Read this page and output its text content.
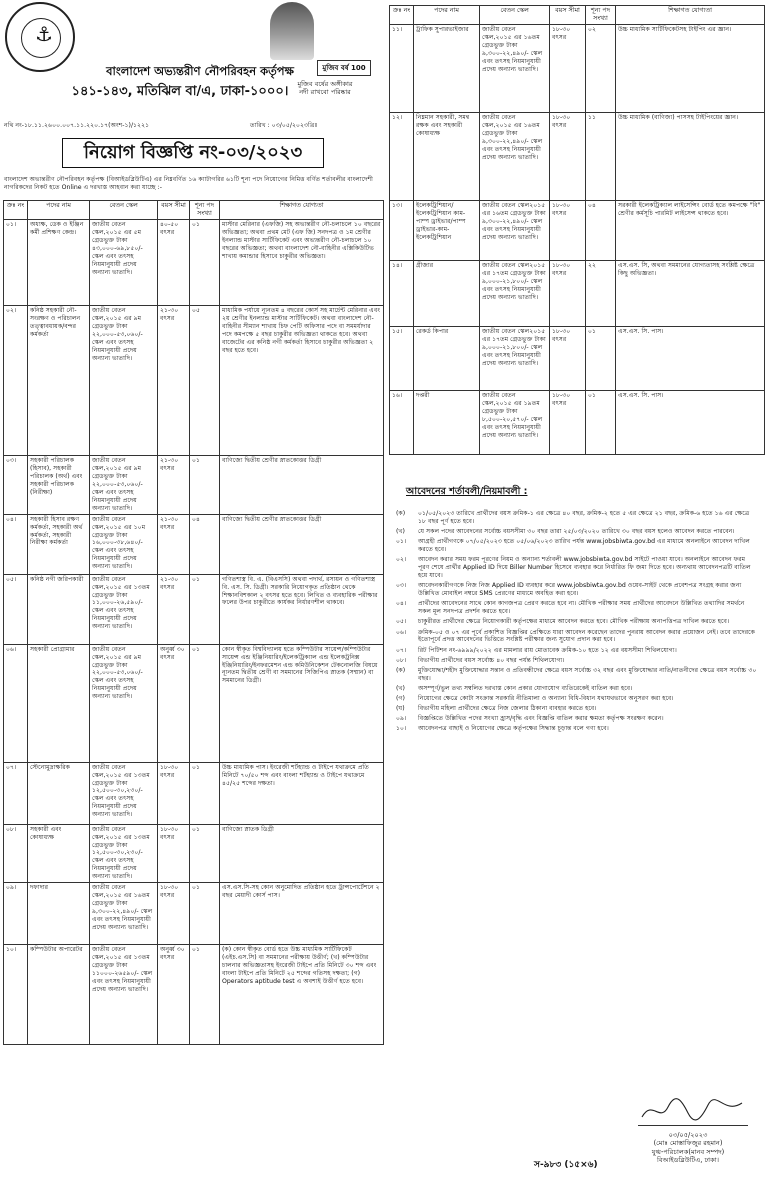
⚓
মুজিব বর্ষ 100
মুজিব বর্ষের অঙ্গীকার
নদী রাখবো পরিষ্কার
বাংলাদেশ অভ্যন্তরীণ নৌপরিবহন কর্তৃপক্ষ
১৪১-১৪৩, মতিঝিল বা/এ, ঢাকা-১০০০।
নথি নং-১৮.১১.২৬০০.০০৭.১১.২২০.১৭(অংশ-১)/১২২১	তারিখ : ০৩/০৫/২০২৩খ্রিঃ
নিয়োগ বিজ্ঞপ্তি নং-০৩/২০২৩
বাংলাদেশ অভ্যন্তরীণ নৌপরিবহন কর্তৃপক্ষ (বিআইডব্লিউটিএ) এর নিম্নবর্ণিত ১৬ ক্যাটাগরির ৬১টি শূন্য পদে নিয়োগের নিমিত্ত বর্ণিত শর্তাবলীর বাংলাদেশী নাগরিকদের নিকট হতে Online এ দরখাস্ত আহবান করা যাচ্ছে :-
ক্রঃ নং	পদের নাম	বেতন স্কেল	বয়স সীমা	শূন্য পদ সংখ্যা	শিক্ষাগত যোগ্যতা
০১।	অধ্যক্ষ, ডেক ও ইঞ্জিন কর্মী প্রশিক্ষণ কেন্দ্র।	জাতীয় বেতন স্কেল,২০১৫ এর ৫ম গ্রেডভুক্ত টাকা ৪৩,০০০-৬৯,৮৫০/- স্কেল এবং তৎসহ নিয়মানুযায়ী প্রদেয় অন্যান্য ভাতাদি।	৪০-৫০ বৎসর	০১	মাস্টার মেরিনার (এফজি) সহ অভ্যন্তরীণ নৌ-চলাচলে ১০ বছরের অভিজ্ঞতা; অথবা প্রথম মেট (এফ জি) সনদপত্র ও ১ম শ্রেণীর ইনল্যান্ড মাস্টার সার্টিফিকেট এবং অভ্যন্তরীণ নৌ-চলাচলে ১০ বছরের অভিজ্ঞতা; অথবা বাংলাদেশ নৌ-বাহিনীর এক্সিকিউটিভ শাখায় কমান্ডার হিসাবে চাকুরীর অভিজ্ঞতা।
০২।	কনিষ্ঠ সহকারী নৌ-সংরক্ষণ ও পরিচালন তত্ত্বাবধায়ক/বন্দর কর্মকর্তা	জাতীয় বেতন স্কেল,২০১৫ এর ৯ম গ্রেডভুক্ত টাকা ২২,০০০-৫৩,০৬০/- স্কেল এবং তৎসহ নিয়মানুযায়ী প্রদেয় অন্যান্য ভাতাদি।	২১-৩০ বৎসর	০৫	মাধ্যমিক পর্যায়ে ন্যূনতম ৪ বছরের কোর্স সহ মার্চেন্ট মেরিনার এবং ২য় শ্রেণীর ইনল্যান্ড মাস্টার সার্টিফিকেট। অথবা বাংলাদেশ নৌ-বাহিনীর সীম্যান শাখায় চিফ পেটি অফিসার পদে বা সমমর্যাদার পদে কমপক্ষে ৫ বছর চাকুরীর অভিজ্ঞতা থাকতে হবে। অথবা বাজেটের এর কনিষ্ঠ নগী কর্মকর্তা হিসাবে চাকুরীর অভিজ্ঞতা ২ বছর হতে হবে।
০৩।	সহকারী পরিচালক (হিসাব), সহকারী পরিচালক (অর্থ) এবং সহকারী পরিচালক (নিরীক্ষা)	জাতীয় বেতন স্কেল,২০১৫ এর ৯ম গ্রেডভুক্ত টাকা ২২,০০০-৫৩,০৬০/- স্কেল এবং তৎসহ নিয়মানুযায়ী প্রদেয় অন্যান্য ভাতাদি।	২১-৩০ বৎসর	০১	বাণিজ্যে দ্বিতীয় শ্রেণীর স্নাতকোত্তর ডিগ্রী
০৪।	সহকারী হিসাব রক্ষণ কর্মকর্তা, সহকারী অর্থ কর্মকর্তা, সহকারী নিরীক্ষা কর্মকর্তা	জাতীয় বেতন স্কেল,২০১৫ এর ১০ম গ্রেডভুক্ত টাকা ১৬,০০০-৩৮,৬৪০/- স্কেল এবং তৎসহ নিয়মানুযায়ী প্রদেয় অন্যান্য ভাতাদি।	২১-৩০ বৎসর	০৪	বাণিজ্যে দ্বিতীয় শ্রেণীর স্নাতকোত্তর ডিগ্রী
০৫।	কনিষ্ঠ নগী জরিপকারী	জাতীয় বেতন স্কেল,২০১৫ এর ১৩তম গ্রেডভুক্ত টাকা ১১,০০০-২৬,৫৯০/- স্কেল এবং তৎসহ নিয়মানুযায়ী প্রদেয় অন্যান্য ভাতাদি।	২১-৩০ বৎসর	০১	গণিতশাস্ত্র বি. এ. (বিএসসি) অথবা পদার্থ, রসায়ন ও গণিতশাস্ত্র বি. এস. সি. ডিগ্রী। সরকারি নিয়োগকৃত প্রতিষ্ঠান থেকে শিক্ষানবিশকাল ২ বৎসর হতে হবে। লিখিত ও ব্যবহারিক পরীক্ষার ফলের উপর চাকুরীতে কার্যকর নির্ধারণশীল থাকবে।
০৬।	সহকারী প্রোগ্রামার	জাতীয় বেতন স্কেল,২০১৫ এর ৯ম গ্রেডভুক্ত টাকা ২২,০০০-৫৩,০৬০/- স্কেল এবং তৎসহ নিয়মানুযায়ী প্রদেয় অন্যান্য ভাতাদি।	অনুর্ধ্ব ৩০ বৎসর	০১	কোন স্বীকৃত বিশ্ববিদ্যালয় হতে কম্পিউটার সায়েন্স/কম্পিউটার সায়েন্স এন্ড ইঞ্জিনিয়ারিং/ইলেকট্রিক্যাল এন্ড ইলেকট্রনিক্স ইঞ্জিনিয়ারিং/ইনফরমেশন এন্ড কমিউনিকেশন টেকনোলজি বিষয়ে ন্যূনতম দ্বিতীয় শ্রেণী বা সমমানের সিজিপিএ স্নাতক (সম্মান) বা সমমানের ডিগ্রী।
০৭।	স্টেনোমুদ্রাক্ষরিক	জাতীয় বেতন স্কেল,২০১৫ এর ১৩তম গ্রেডভুক্ত টাকা ১২,৫০০-৩০,২৩০/- স্কেল এবং তৎসহ নিয়মানুযায়ী প্রদেয় অন্যান্য ভাতাদি।	১৮-৩০ বৎসর	০১	উচ্চ মাধ্যমিক পাস। ইংরেজী শর্টহ্যান্ড ও টাইপে যথাক্রমে প্রতি মিনিটে ৭০/৫০ শব্দ এবং বাংলা শর্টহ্যান্ড ও টাইপে যথাক্রমে ৪৫/২৫ শব্দের দক্ষতা।
০৮।	সহকারী এবং কোষাধ্যক্ষ	জাতীয় বেতন স্কেল,২০১৫ এর ১৩তম গ্রেডভুক্ত টাকা ১২,৫০০-৩০,২৩০/- স্কেল এবং তৎসহ নিয়মানুযায়ী প্রদেয় অন্যান্য ভাতাদি।	১৮-৩০ বৎসর	০১	বাণিজ্যে স্নাতক ডিগ্রী
০৯।	দফাদার	জাতীয় বেতন স্কেল,২০১৫ এর ১৬তম গ্রেডভুক্ত টাকা ৯,৩০০-২২,৪৯০/- স্কেল এবং তৎসহ নিয়মানুযায়ী প্রদেয় অন্যান্য ভাতাদি।	১৮-৩০ বৎসর	০১	এস.এস.সি-সহ কোন অনুমোদিত প্রতিষ্ঠান হতে ট্রান্সপোর্টেশনে ২ বছর মেয়াদী কোর্স পাস।
১০।	কম্পিউটার অপারেটর	জাতীয় বেতন স্কেল,২০১৫ এর ১৩তম গ্রেডভুক্ত টাকা ১১০০০-২৬৫৯০/- স্কেল এবং তৎসহ নিয়মানুযায়ী প্রদেয় অন্যান্য ভাতাদি।	অনুর্ধ্ব ৩০ বৎসর	০১	(ক) কোন স্বীকৃত বোর্ড হতে উচ্চ মাধ্যমিক সার্টিফিকেট (এইচ.এস.সি) বা সমমানের পরীক্ষায় উত্তীর্ণ; (খ) কম্পিউটার চালনার অভিজ্ঞতাসহ ইংরেজী টাইপে প্রতি মিনিটে ৩০ শব্দ এবং বাংলা টাইপে প্রতি মিনিটে ২৫ শব্দের গতিসহ দক্ষতা; (গ) Operators aptitude test এ অবশ্যই উত্তীর্ণ হতে হবে।
ক্রঃ নং	পদের নাম	বেতন স্কেল	বয়স সীমা	শূন্য পদ সংখ্যা	শিক্ষাগত যোগ্যতা
১১।	ট্রাফিক সুপারভাইজার	জাতীয় বেতন স্কেল,২০১৫ এর ১৬তম গ্রেডভুক্ত টাকা ৯,৩০০-২২,৪৯০/- স্কেল এবং তৎসহ নিয়মানুযায়ী প্রদেয় অন্যান্য ভাতাদি।	১৮-৩০ বৎসর	০২	উচ্চ মাধ্যমিক সার্টিফিকেটসহ টাইপিং এর জ্ঞান।
১২।	নিম্নমান সহকারী, সমন্ব রক্ষক এবং সহকারী কোষাধ্যক্ষ	জাতীয় বেতন স্কেল,২০১৫ এর ১৬তম গ্রেডভুক্ত টাকা ৯,৩০০-২২,৪৯০/- স্কেল এবং তৎসহ নিয়মানুযায়ী প্রদেয় অন্যান্য ভাতাদি।	১৮-৩০ বৎসর	১১	উচ্চ মাধ্যমিক (বাণিজ্য) পাসসহ টাইপিংয়ের জ্ঞান।
১৩।	ইলেকট্রিশিয়ান/ইলেকট্রিশিয়ান কাম-পাম্প ড্রাইভার/পাম্প ড্রাইভার-কাম-ইলেকট্রিশিয়ান	জাতীয় বেতন স্কেল২০১৫ এর ১৬তম গ্রেডভুক্ত টাকা ৯,৩০০-২২,৪৯০/- স্কেল এবং তৎসহ নিয়মানুযায়ী প্রদেয় অন্যান্য ভাতাদি।	১৮-৩০ বৎসর	০৪	সরকারী ইলেকট্রিক্যাল লাইসেন্সিং বোর্ড হতে কমপক্ষে "বি" শ্রেণীর কর্মসূচি পারমিট লাইসেন্স থাকতে হবে।
১৪।	গ্রীজার	জাতীয় বেতন স্কেল২০১৫ এর ১৭তম গ্রেডভুক্ত টাকা ৯,০০০-২১,৮০০/- স্কেল এবং তৎসহ নিয়মানুযায়ী প্রদেয় অন্যান্য ভাতাদি।	১৮-৩০ বৎসর	২২	এস.এস. সি, অথবা সমমানের যোগ্যতাসহ সংশ্লিষ্ট ক্ষেত্রে কিছু অভিজ্ঞতা।
১৫।	রেকর্ড কিপার	জাতীয় বেতন স্কেল২০১৫ এর ১৭তম গ্রেডভুক্ত টাকা ৯,০০০-২১,৮০০/- স্কেল এবং তৎসহ নিয়মানুযায়ী প্রদেয় অন্যান্য ভাতাদি।	১৮-৩০ বৎসর	০১	এস.এস. সি. পাস।
১৬।	দপ্তরী	জাতীয় বেতন স্কেল,২০১৫ এর ১৯তম গ্রেডভুক্ত টাকা ৮,৫০০-২০,৫৭০/- স্কেল এবং তৎসহ নিয়মানুযায়ী প্রদেয় অন্যান্য ভাতাদি।	১৮-৩০ বৎসর	০১	এস.এস. সি. পাস।
আবেদনের শর্তাবলী/নিয়মাবলী :
(ক)	০১/০৫/২০২৩ তারিখে প্রার্থীদের বয়স ক্রমিক-১ এর ক্ষেত্রে ৪০ বছর, ক্রমিক-২ হতে ৫ এর ক্ষেত্রে ২১ বছর, ক্রমিক-৬ হতে ১৬ এর ক্ষেত্রে ১৮ বছর পূর্ণ হতে হবে।
(খ)	যে সকল পদের আবেদনের সর্বোচ্চ বয়সসীমা ৩০ বছর তারা ২৫/০৩/২০২০ তারিখে ৩০ বছর বয়স হলেও আবেদন করতে পারবেন।
০১।	আগ্রহী প্রার্থীগণকে ০৭/০৫/২০২৩ হতে ০৫/০৬/২০২৩ তারিখ পর্যন্ত www.jobsbiwta.gov.bd এর মাধ্যমে অনলাইনে আবেদন দাখিল করতে হবে।
০২।	আবেদন করার সময় ফরম পূরণের নিয়ম ও অন্যান্য শর্তাবলী www.jobsbiwta.gov.bd সাইটে পাওয়া যাবে। অনলাইনে আবেদন ফরম পূরণ শেষে প্রার্থীর Applied ID দিয়ে Biller Number হিসেবে ব্যবহার করে নির্ধারিত ফি জমা দিতে হবে। অন্যথায় আবেদনপত্রটি বাতিল হয়ে যাবে।
০৩।	আবেদনকারীগণকে নিজ নিজ Applied ID ব্যবহার করে www.jobsbiwta.gov.bd ওয়েব-সাইট থেকে প্রবেশপত্র সংগ্রহ করার জন্য উল্লিখিত মোবাইল নম্বরে SMS প্রেরণের মাধ্যমে অবহিত করা হবে।
০৪।	প্রার্থীদের আবেদনের সাথে কোন কাগজপত্র প্রেরণ করতে হবে না। মৌখিক পরীক্ষার সময় প্রার্থীদের আবেদনে উল্লিখিত তথ্যাদির সমর্থনে সকল মূল সনদপত্র প্রদর্শন করতে হবে।
০৫।	চাকুরীরত প্রার্থীদের ক্ষেত্রে নিয়োগকারী কর্তৃপক্ষের মাধ্যমে আবেদন করতে হবে। মৌখিক পরীক্ষায় অনাপত্তিপত্র দাখিল করতে হবে।
০৬।	ক্রমিক-০৫ ও ০৭ এর পূর্বে প্রকাশিত বিজ্ঞপ্তির প্রেক্ষিতে যারা আবেদন করেছেন তাদের পুনরায় আবেদন করার প্রয়োজন নেই। তবে তাদেরকে ইতোপূর্বে প্রদত্ত আবেদনের ভিত্তিতে সংশ্লিষ্ট পরীক্ষার জন্য সুযোগ প্রদান করা হবে।
০৭।	রিট পিটিশন নং-৬৯৯৯/২০২২ এর মামলার রায় মোতাবেক ক্রমিক-১০ হতে ১২ এর বয়সসীমা শিথিলযোগ্য।
০৮।	বিভাগীয় প্রার্থীদের বয়স সর্বোচ্চ ৪০ বছর পর্যন্ত শিথিলযোগ্য।
(ক)	মুক্তিযোদ্ধা/শহীদ মুক্তিযোদ্ধার সন্তান ও প্রতিবন্ধীদের ক্ষেত্রে বয়স সর্বোচ্চ ৩২ বছর এবং মুক্তিযোদ্ধার নাতি/নাতনীদের ক্ষেত্রে বয়স সর্বোচ্চ ৩০ বছর।
(খ)	অসম্পূর্ণ/ভুল তথ্য সম্বলিত দরখাস্ত কোন প্রকার যোগাযোগ ব্যতিরেকেই বাতিল করা হবে।
(গ)	নিয়োগের ক্ষেত্রে কোটা সংক্রান্ত সরকারি নীতিমালা ও অন্যান্য বিধি-বিধান যথাযথভাবে অনুসরণ করা হবে।
(ঘ)	বিভাগীয় মহিলা প্রার্থীদের ক্ষেত্রে নিজ জেলার ঠিকানা ব্যবহার করতে হবে।
০৯।	বিজ্ঞপ্তিতে উল্লিখিত পদের সংখ্যা হ্রাস/বৃদ্ধি এবং বিজ্ঞপ্তি বাতিল করার ক্ষমতা কর্তৃপক্ষ সংরক্ষণ করেন।
১০।	আবেদনপত্র বাছাই ও নিয়োগের ক্ষেত্রে কর্তৃপক্ষের সিদ্ধান্ত চূড়ান্ত বলে গণ্য হবে।
০৩/০৫/২০২৩
(মোঃ মোস্তাফিজুর রহমান)
যুগ্ম-পরিচালক(মানব সম্পদ)
বিআইডব্লিউটিএ, ঢাকা।
স-৯৮৩ (১৫×৬)
